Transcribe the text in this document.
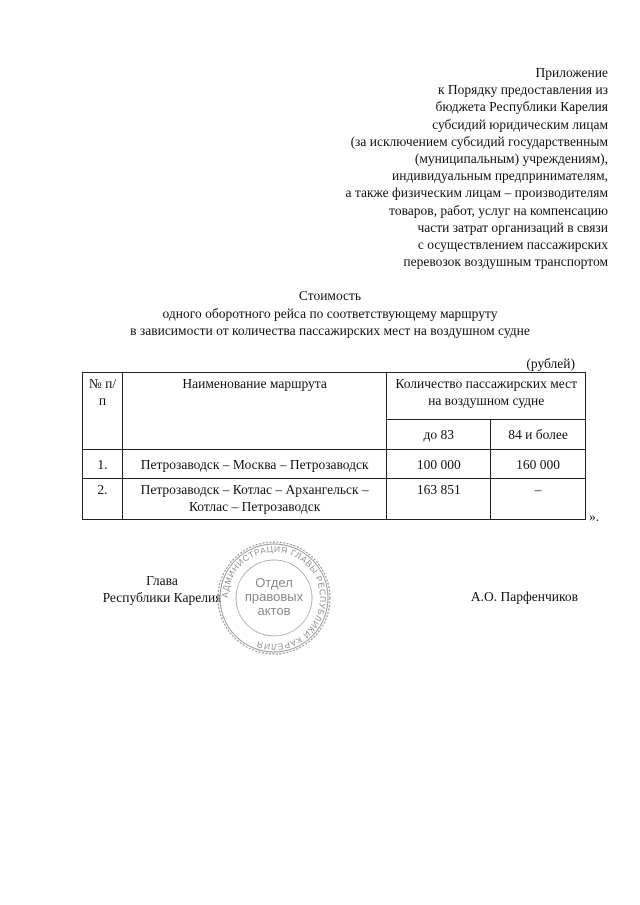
Приложение
к Порядку предоставления из
бюджета Республики Карелия
субсидий юридическим лицам
(за исключением субсидий государственным
(муниципальным) учреждениям),
индивидуальным предпринимателям,
а также физическим лицам – производителям
товаров, работ, услуг на компенсацию
части затрат организаций в связи
с осуществлением пассажирских
перевозок воздушным транспортом
Стоимость
одного оборотного рейса по соответствующему маршруту
в зависимости от количества пассажирских мест на воздушном судне
(рублей)
№ п/п	Наименование маршрута	Количество пассажирских мест на воздушном судне	
		до 83	84 и более
1.	Петрозаводск – Москва – Петрозаводск	100 000	160 000
2.	Петрозаводск – Котлас – Архангельск – Котлас – Петрозаводск	163 851	–
».
Глава
Республики Карелия	А.О. Парфенчиков
АДМИНИСТРАЦИЯ ГЛАВЫ РЕСПУБЛИКИ КАРЕЛИЯ
Отдел
правовых
актов
